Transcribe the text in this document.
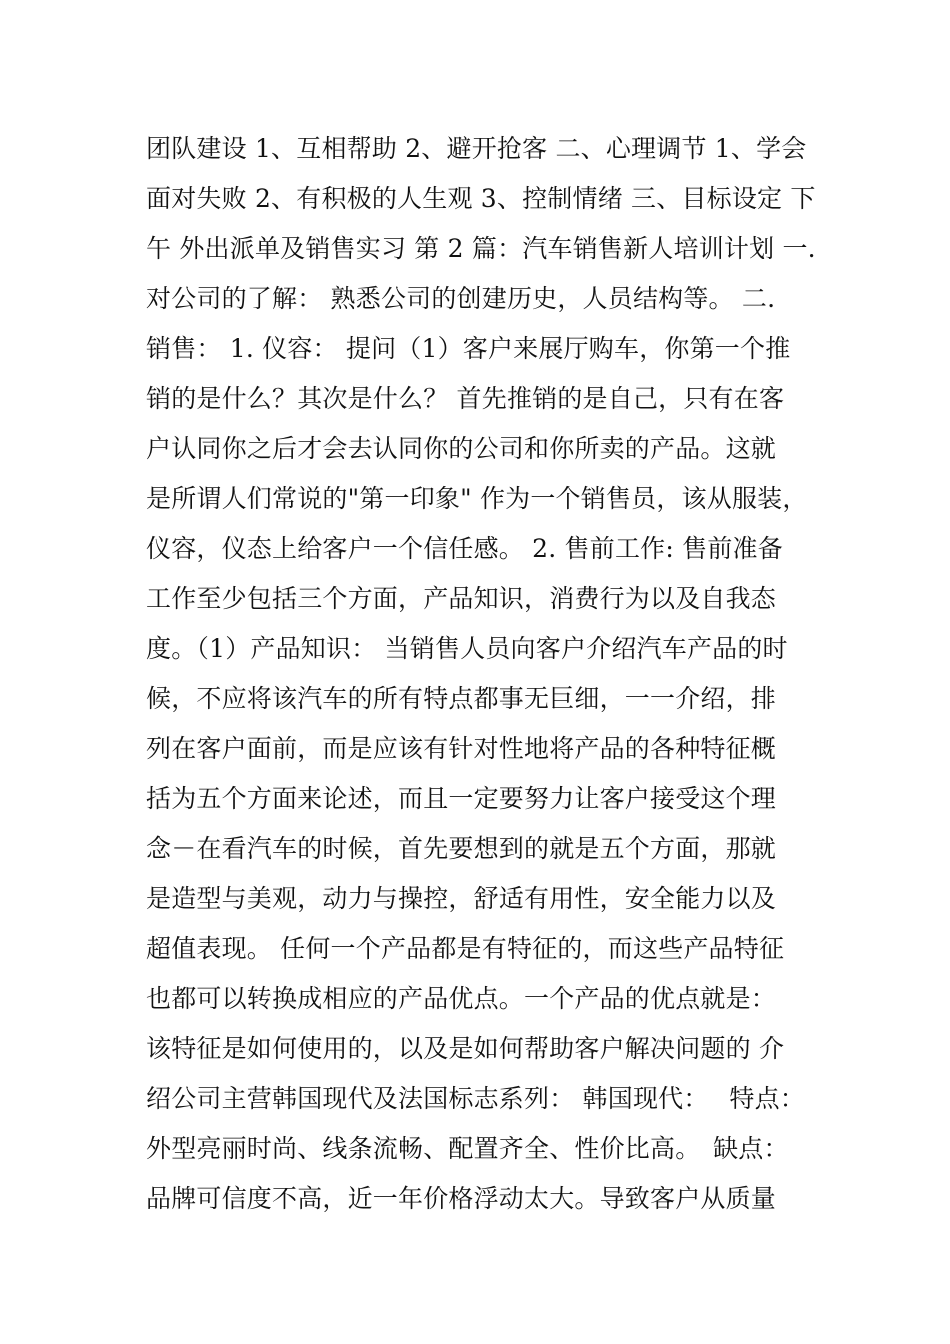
团队建设 1、互相帮助 2、避开抢客 二、心理调节 1、学会
面对失败 2、有积极的人生观 3、控制情绪 三、目标设定 下
午 外出派单及销售实习 第 2 篇：汽车销售新人培训计划 一.
对公司的了解： 熟悉公司的创建历史，人员结构等。 二.
销售： 1. 仪容： 提问（1）客户来展厅购车，你第一个推
销的是什么？其次是什么？ 首先推销的是自己，只有在客
户认同你之后才会去认同你的公司和你所卖的产品。这就
是所谓人们常说的"第一印象" 作为一个销售员，该从服装，
仪容，仪态上给客户一个信任感。 2. 售前工作: 售前准备
工作至少包括三个方面，产品知识，消费行为以及自我态
度。（1）产品知识： 当销售人员向客户介绍汽车产品的时
候，不应将该汽车的所有特点都事无巨细，一一介绍，排
列在客户面前，而是应该有针对性地将产品的各种特征概
括为五个方面来论述，而且一定要努力让客户接受这个理
念－在看汽车的时候，首先要想到的就是五个方面，那就
是造型与美观，动力与操控，舒适有用性，安全能力以及
超值表现。 任何一个产品都是有特征的，而这些产品特征
也都可以转换成相应的产品优点。一个产品的优点就是：
该特征是如何使用的，以及是如何帮助客户解决问题的 介
绍公司主营韩国现代及法国标志系列： 韩国现代：　 特点：
外型亮丽时尚、线条流畅、配置齐全、性价比高。　缺点：
品牌可信度不高，近一年价格浮动太大。导致客户从质量
